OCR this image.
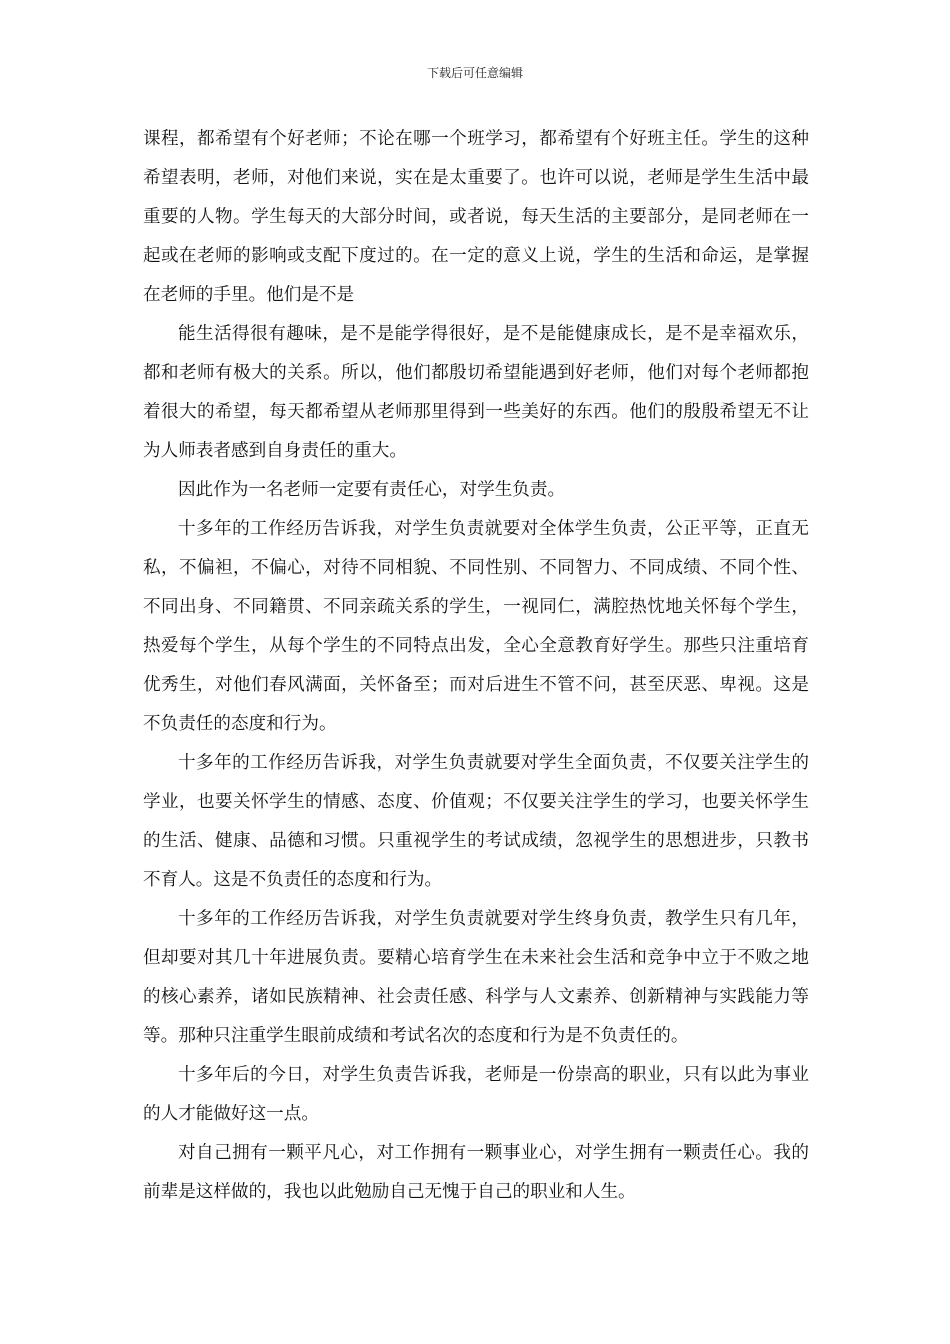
下载后可任意编辑

课程，都希望有个好老师；不论在哪一个班学习，都希望有个好班主任。学生的这种希望表明，老师，对他们来说，实在是太重要了。也许可以说，老师是学生生活中最重要的人物。学生每天的大部分时间，或者说，每天生活的主要部分，是同老师在一起或在老师的影响或支配下度过的。在一定的意义上说，学生的生活和命运，是掌握在老师的手里。他们是不是

能生活得很有趣味，是不是能学得很好，是不是能健康成长，是不是幸福欢乐，都和老师有极大的关系。所以，他们都殷切希望能遇到好老师，他们对每个老师都抱着很大的希望，每天都希望从老师那里得到一些美好的东西。他们的殷殷希望无不让为人师表者感到自身责任的重大。

因此作为一名老师一定要有责任心，对学生负责。

十多年的工作经历告诉我，对学生负责就要对全体学生负责，公正平等，正直无私，不偏袒，不偏心，对待不同相貌、不同性别、不同智力、不同成绩、不同个性、不同出身、不同籍贯、不同亲疏关系的学生，一视同仁，满腔热忱地关怀每个学生，热爱每个学生，从每个学生的不同特点出发，全心全意教育好学生。那些只注重培育优秀生，对他们春风满面，关怀备至；而对后进生不管不问，甚至厌恶、卑视。这是不负责任的态度和行为。

十多年的工作经历告诉我，对学生负责就要对学生全面负责，不仅要关注学生的学业，也要关怀学生的情感、态度、价值观；不仅要关注学生的学习，也要关怀学生的生活、健康、品德和习惯。只重视学生的考试成绩，忽视学生的思想进步，只教书不育人。这是不负责任的态度和行为。

十多年的工作经历告诉我，对学生负责就要对学生终身负责，教学生只有几年，但却要对其几十年进展负责。要精心培育学生在未来社会生活和竞争中立于不败之地的核心素养，诸如民族精神、社会责任感、科学与人文素养、创新精神与实践能力等等。那种只注重学生眼前成绩和考试名次的态度和行为是不负责任的。

十多年后的今日，对学生负责告诉我，老师是一份崇高的职业，只有以此为事业的人才能做好这一点。

对自己拥有一颗平凡心，对工作拥有一颗事业心，对学生拥有一颗责任心。我的前辈是这样做的，我也以此勉励自己无愧于自己的职业和人生。
